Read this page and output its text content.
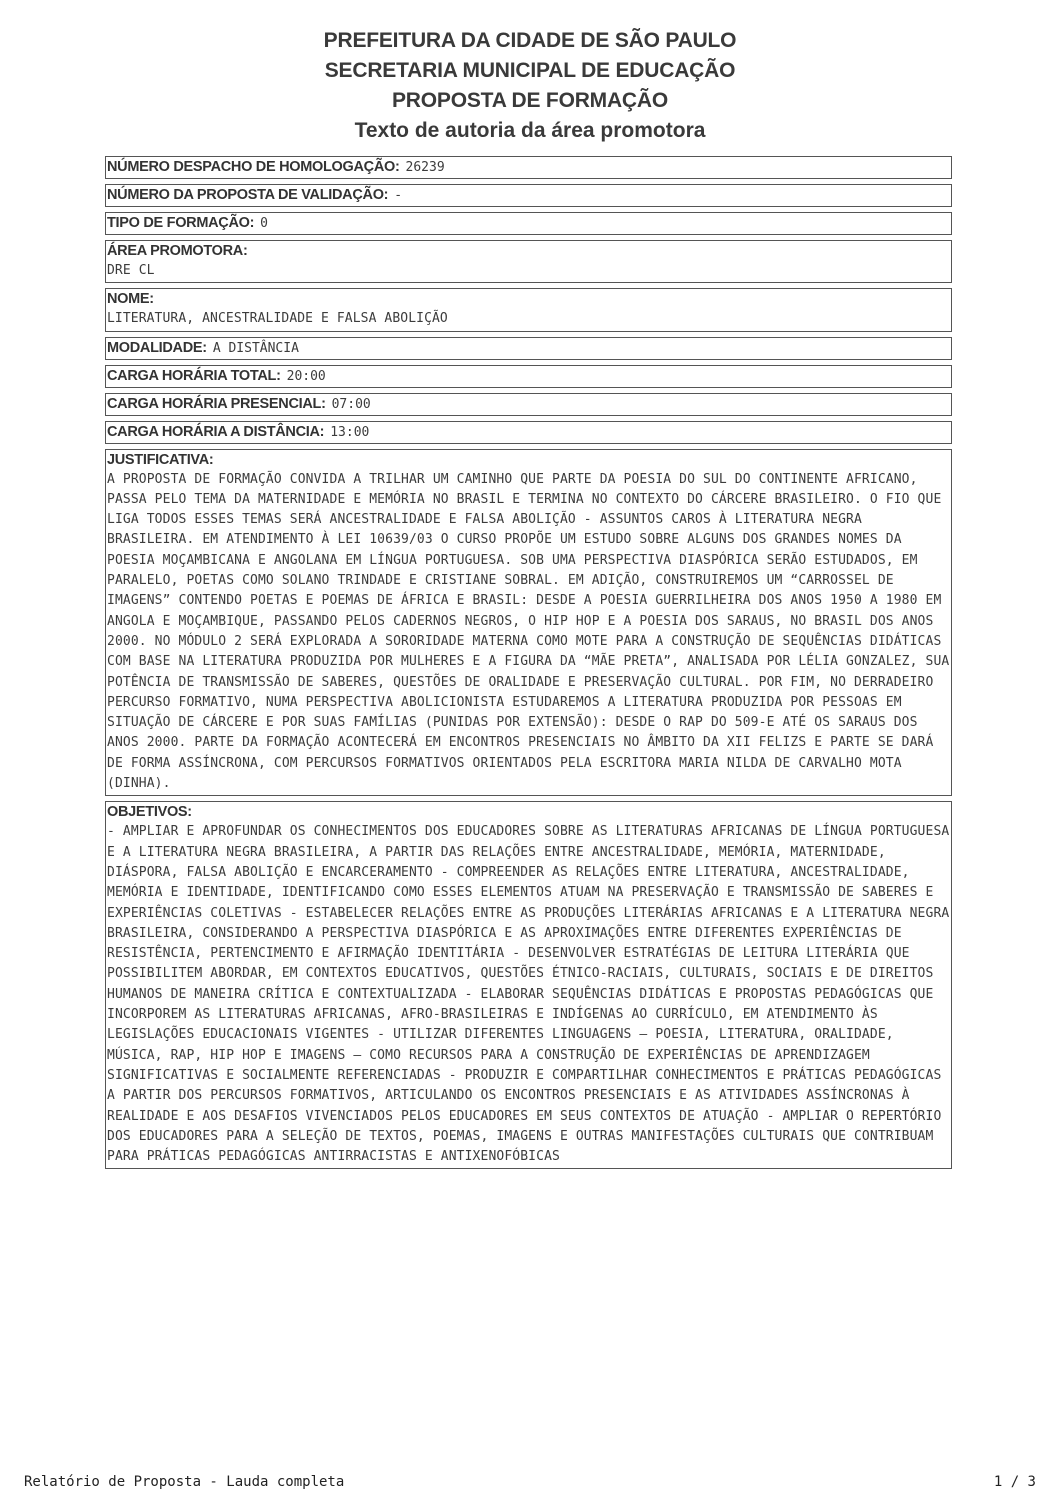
PREFEITURA DA CIDADE DE SÃO PAULO
SECRETARIA MUNICIPAL DE EDUCAÇÃO
PROPOSTA DE FORMAÇÃO
Texto de autoria da área promotora
NÚMERO DESPACHO DE HOMOLOGAÇÃO: 26239
NÚMERO DA PROPOSTA DE VALIDAÇÃO: -
TIPO DE FORMAÇÃO: 0
ÁREA PROMOTORA:
DRE CL
NOME:
LITERATURA, ANCESTRALIDADE E FALSA ABOLIÇÃO
MODALIDADE: A DISTÂNCIA
CARGA HORÁRIA TOTAL: 20:00
CARGA HORÁRIA PRESENCIAL: 07:00
CARGA HORÁRIA A DISTÂNCIA: 13:00
JUSTIFICATIVA:
A PROPOSTA DE FORMAÇÃO CONVIDA A TRILHAR UM CAMINHO QUE PARTE DA POESIA DO SUL DO CONTINENTE AFRICANO, PASSA PELO TEMA DA MATERNIDADE E MEMÓRIA NO BRASIL E TERMINA NO CONTEXTO DO CÁRCERE BRASILEIRO. O FIO QUE LIGA TODOS ESSES TEMAS SERÁ ANCESTRALIDADE E FALSA ABOLIÇÃO - ASSUNTOS CAROS À LITERATURA NEGRA BRASILEIRA. EM ATENDIMENTO À LEI 10639/03 O CURSO PROPÕE UM ESTUDO SOBRE ALGUNS DOS GRANDES NOMES DA POESIA MOÇAMBICANA E ANGOLANA EM LÍNGUA PORTUGUESA. SOB UMA PERSPECTIVA DIASPÓRICA SERÃO ESTUDADOS, EM PARALELO, POETAS COMO SOLANO TRINDADE E CRISTIANE SOBRAL. EM ADIÇÃO, CONSTRUIREMOS UM “CARROSSEL DE IMAGENS” CONTENDO POETAS E POEMAS DE ÁFRICA E BRASIL: DESDE A POESIA GUERRILHEIRA DOS ANOS 1950 A 1980 EM ANGOLA E MOÇAMBIQUE, PASSANDO PELOS CADERNOS NEGROS, O HIP HOP E A POESIA DOS SARAUS, NO BRASIL DOS ANOS 2000. NO MÓDULO 2 SERÁ EXPLORADA A SORORIDADE MATERNA COMO MOTE PARA A CONSTRUÇÃO DE SEQUÊNCIAS DIDÁTICAS COM BASE NA LITERATURA PRODUZIDA POR MULHERES E A FIGURA DA “MÃE PRETA”, ANALISADA POR LÉLIA GONZALEZ, SUA POTÊNCIA DE TRANSMISSÃO DE SABERES, QUESTÕES DE ORALIDADE E PRESERVAÇÃO CULTURAL. POR FIM, NO DERRADEIRO PERCURSO FORMATIVO, NUMA PERSPECTIVA ABOLICIONISTA ESTUDAREMOS A LITERATURA PRODUZIDA POR PESSOAS EM SITUAÇÃO DE CÁRCERE E POR SUAS FAMÍLIAS (PUNIDAS POR EXTENSÃO): DESDE O RAP DO 509-E ATÉ OS SARAUS DOS ANOS 2000. PARTE DA FORMAÇÃO ACONTECERÁ EM ENCONTROS PRESENCIAIS NO ÂMBITO DA XII FELIZS E PARTE SE DARÁ DE FORMA ASSÍNCRONA, COM PERCURSOS FORMATIVOS ORIENTADOS PELA ESCRITORA MARIA NILDA DE CARVALHO MOTA (DINHA).
OBJETIVOS:
- AMPLIAR E APROFUNDAR OS CONHECIMENTOS DOS EDUCADORES SOBRE AS LITERATURAS AFRICANAS DE LÍNGUA PORTUGUESA E A LITERATURA NEGRA BRASILEIRA, A PARTIR DAS RELAÇÕES ENTRE ANCESTRALIDADE, MEMÓRIA, MATERNIDADE, DIÁSPORA, FALSA ABOLIÇÃO E ENCARCERAMENTO - COMPREENDER AS RELAÇÕES ENTRE LITERATURA, ANCESTRALIDADE, MEMÓRIA E IDENTIDADE, IDENTIFICANDO COMO ESSES ELEMENTOS ATUAM NA PRESERVAÇÃO E TRANSMISSÃO DE SABERES E EXPERIÊNCIAS COLETIVAS - ESTABELECER RELAÇÕES ENTRE AS PRODUÇÕES LITERÁRIAS AFRICANAS E A LITERATURA NEGRA BRASILEIRA, CONSIDERANDO A PERSPECTIVA DIASPÓRICA E AS APROXIMAÇÕES ENTRE DIFERENTES EXPERIÊNCIAS DE RESISTÊNCIA, PERTENCIMENTO E AFIRMAÇÃO IDENTITÁRIA - DESENVOLVER ESTRATÉGIAS DE LEITURA LITERÁRIA QUE POSSIBILITEM ABORDAR, EM CONTEXTOS EDUCATIVOS, QUESTÕES ÉTNICO-RACIAIS, CULTURAIS, SOCIAIS E DE DIREITOS HUMANOS DE MANEIRA CRÍTICA E CONTEXTUALIZADA - ELABORAR SEQUÊNCIAS DIDÁTICAS E PROPOSTAS PEDAGÓGICAS QUE INCORPOREM AS LITERATURAS AFRICANAS, AFRO-BRASILEIRAS E INDÍGENAS AO CURRÍCULO, EM ATENDIMENTO ÀS LEGISLAÇÕES EDUCACIONAIS VIGENTES - UTILIZAR DIFERENTES LINGUAGENS — POESIA, LITERATURA, ORALIDADE, MÚSICA, RAP, HIP HOP E IMAGENS — COMO RECURSOS PARA A CONSTRUÇÃO DE EXPERIÊNCIAS DE APRENDIZAGEM SIGNIFICATIVAS E SOCIALMENTE REFERENCIADAS - PRODUZIR E COMPARTILHAR CONHECIMENTOS E PRÁTICAS PEDAGÓGICAS A PARTIR DOS PERCURSOS FORMATIVOS, ARTICULANDO OS ENCONTROS PRESENCIAIS E AS ATIVIDADES ASSÍNCRONAS À REALIDADE E AOS DESAFIOS VIVENCIADOS PELOS EDUCADORES EM SEUS CONTEXTOS DE ATUAÇÃO - AMPLIAR O REPERTÓRIO DOS EDUCADORES PARA A SELEÇÃO DE TEXTOS, POEMAS, IMAGENS E OUTRAS MANIFESTAÇÕES CULTURAIS QUE CONTRIBUAM PARA PRÁTICAS PEDAGÓGICAS ANTIRRACISTAS E ANTIXENOFÓBICAS
Relatório de Proposta - Lauda completa	1 / 3
